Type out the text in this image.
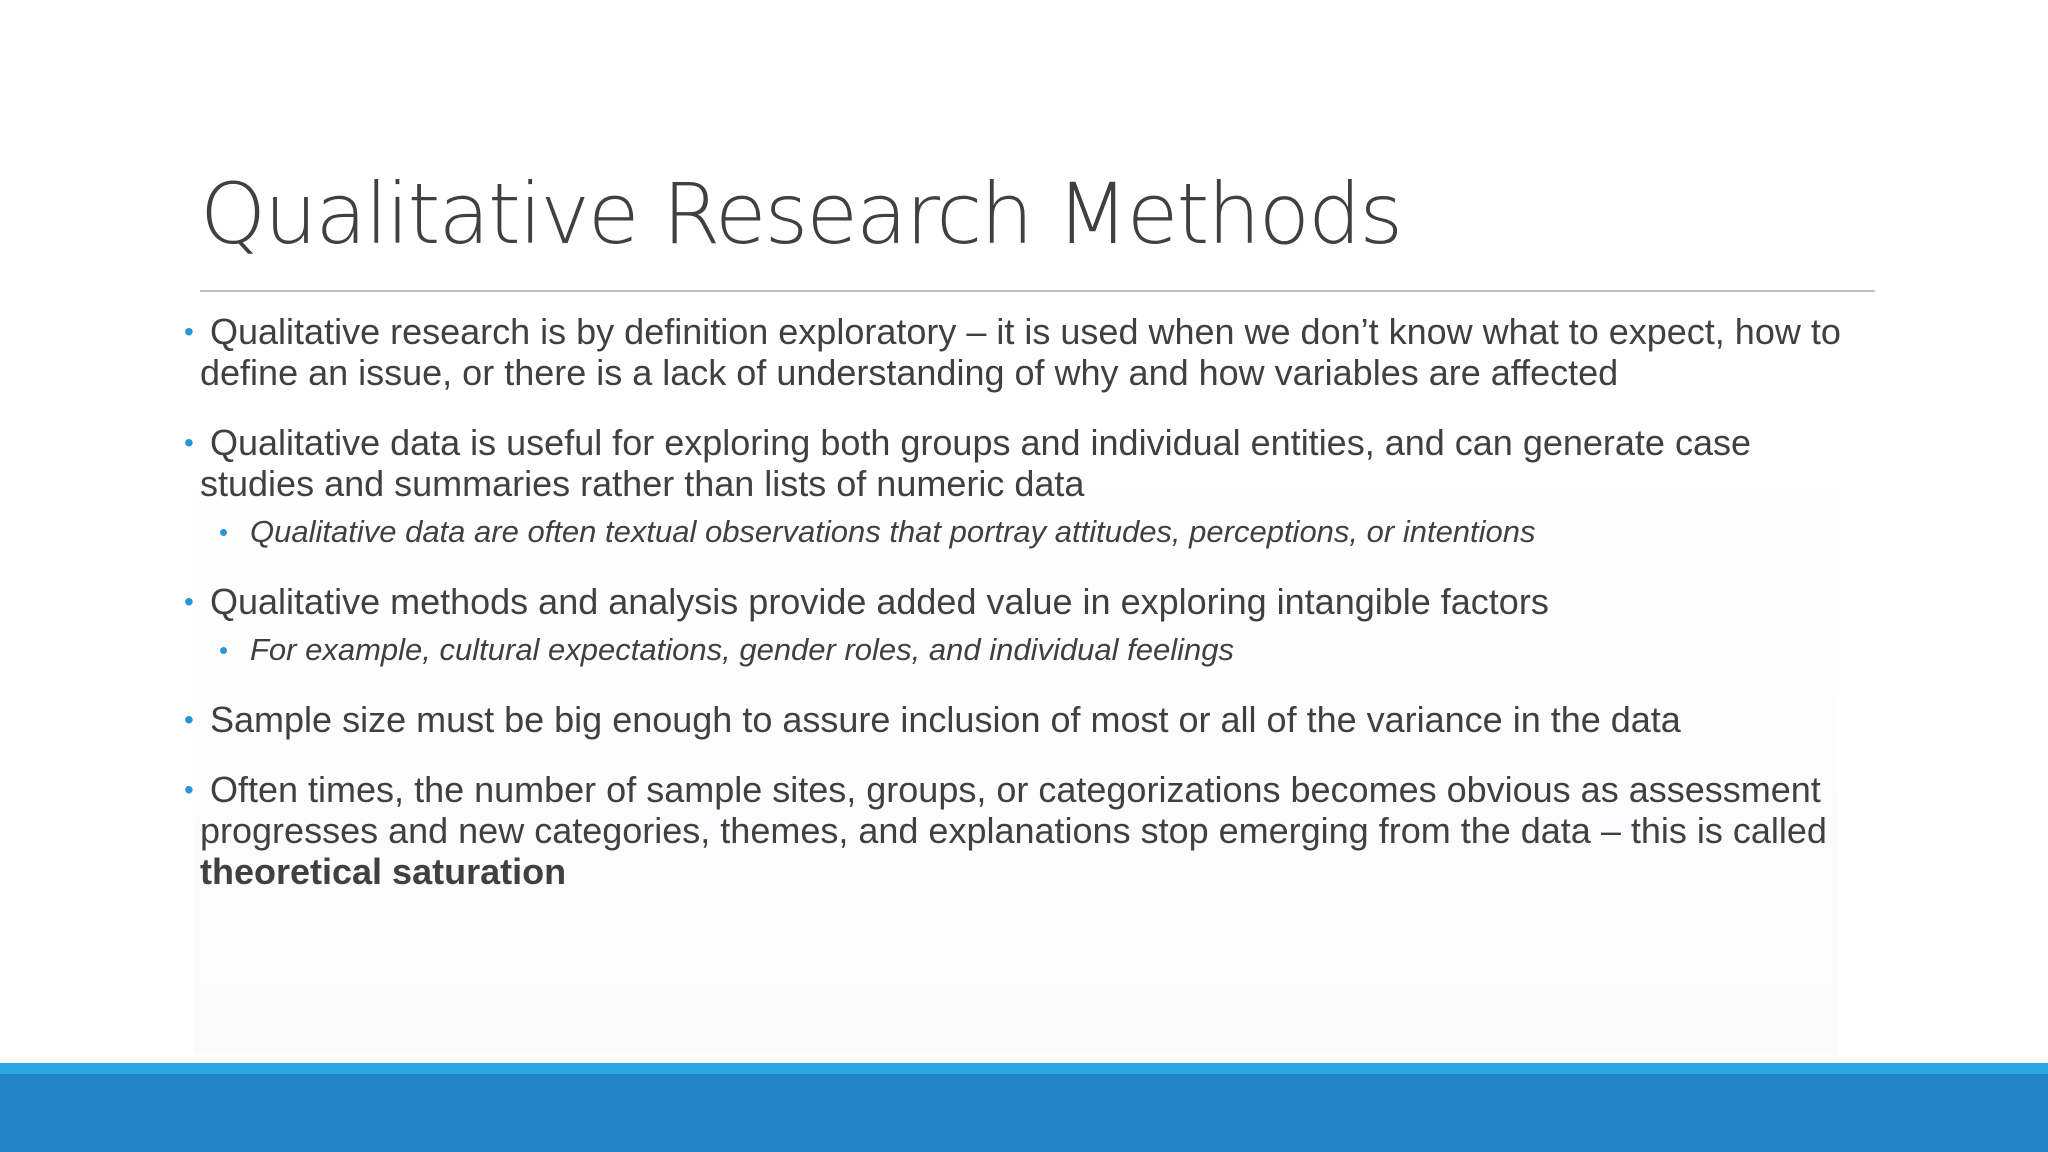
Qualitative Research Methods
• Qualitative research is by definition exploratory – it is used when we don’t know what to expect, how to define an issue, or there is a lack of understanding of why and how variables are affected
• Qualitative data is useful for exploring both groups and individual entities, and can generate case studies and summaries rather than lists of numeric data
• Qualitative data are often textual observations that portray attitudes, perceptions, or intentions
• Qualitative methods and analysis provide added value in exploring intangible factors
• For example, cultural expectations, gender roles, and individual feelings
• Sample size must be big enough to assure inclusion of most or all of the variance in the data
• Often times, the number of sample sites, groups, or categorizations becomes obvious as assessment progresses and new categories, themes, and explanations stop emerging from the data – this is called theoretical saturation
